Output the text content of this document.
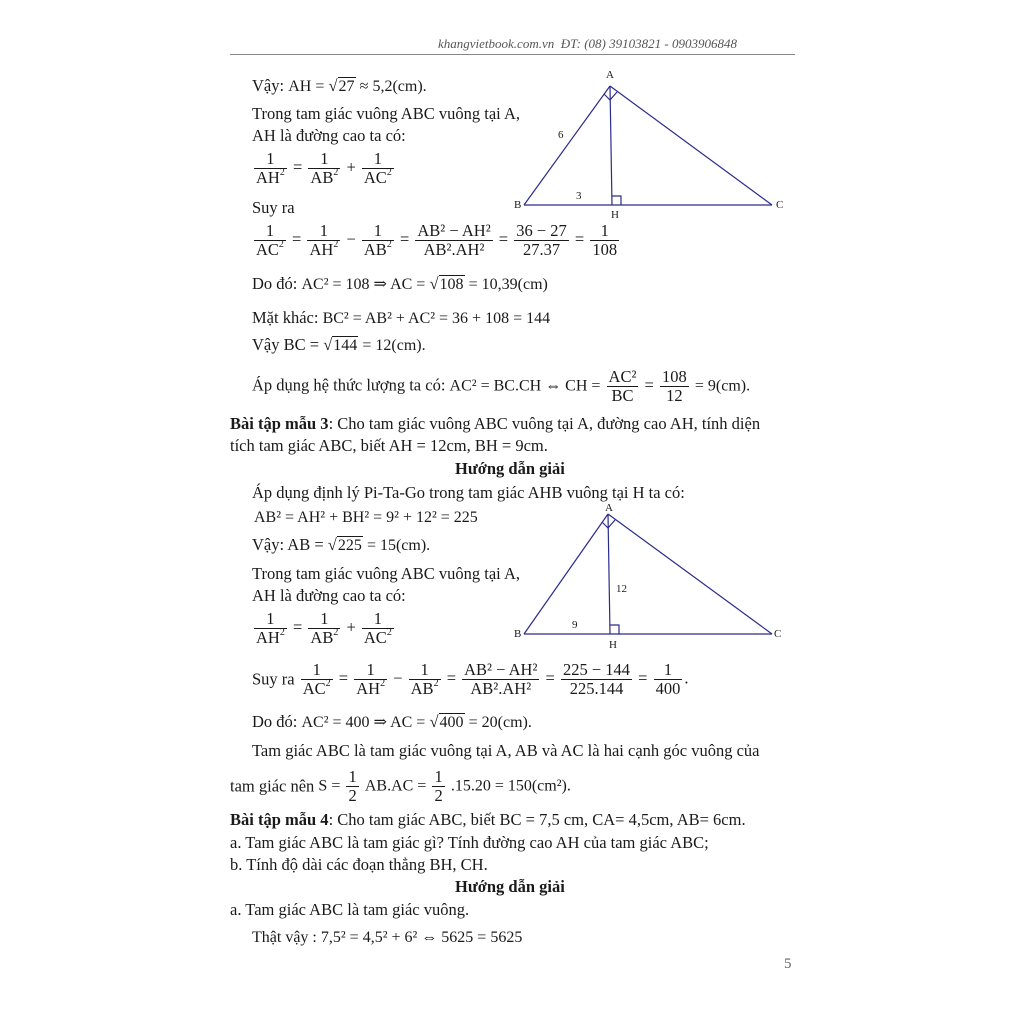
khangvietbook.com.vn ĐT: (08) 39103821 - 0903906848
Vậy: AH = √27 ≈ 5,2(cm).
Trong tam giác vuông ABC vuông tại A,
AH là đường cao ta có:
$\frac{1}{AH^2} = \frac{1}{AB^2} + \frac{1}{AC^2}$
Suy ra
$\frac{1}{AC^2} = \frac{1}{AH^2} - \frac{1}{AB^2} = \frac{\text{AB² − AH²}}{\text{AB².AH²}} = \frac{36 - 27}{27.37} = \frac{1}{108}$
Do đó: AC² = 108 ⇒ AC = √108 = 10,39(cm)
Mặt khác: BC² = AB² + AC² = 36 + 108 = 144
Vậy BC = √144 = 12(cm).
Áp dụng hệ thức lượng ta có: AC² = BC.CH ⇔ CH = $\frac{\text{AC²}}{BC} = \frac{108}{12} = 9(cm)$.
A
B	C
H
6
3
Bài tập mẫu 3: Cho tam giác vuông ABC vuông tại A, đường cao AH, tính diện
tích tam giác ABC, biết AH = 12cm, BH = 9cm.
Hướng dẫn giải
Áp dụng định lý Pi-Ta-Go trong tam giác AHB vuông tại H ta có:
AB² = AH² + BH² = 9² + 12² = 225
Vậy: AB = √225 = 15(cm).
Trong tam giác vuông ABC vuông tại A,
AH là đường cao ta có:
$\frac{1}{AH^2} = \frac{1}{AB^2} + \frac{1}{AC^2}$
Suy ra $\frac{1}{AC^2} = \frac{1}{AH^2} - \frac{1}{AB^2} = \frac{\text{AB² − AH²}}{\text{AB².AH²}} = \frac{225 - 144}{225.144} = \frac{1}{400}$ .
Do đó: AC² = 400 ⇒ AC = √400 = 20(cm).
Tam giác ABC là tam giác vuông tại A, AB và AC là hai cạnh góc vuông của
tam giác nên $S = \frac{1}{2} AB.AC = \frac{1}{2} .15.20 = 150(cm^2)$.
A
B	C
H
12
9
Bài tập mẫu 4: Cho tam giác ABC, biết BC = 7,5 cm, CA= 4,5cm, AB= 6cm.
a. Tam giác ABC là tam giác gì? Tính đường cao AH của tam giác ABC;
b. Tính độ dài các đoạn thẳng BH, CH.
Hướng dẫn giải
a. Tam giác ABC là tam giác vuông.
Thật vậy : 7,5² = 4,5² + 6² ⇔ 5625 = 5625
5
